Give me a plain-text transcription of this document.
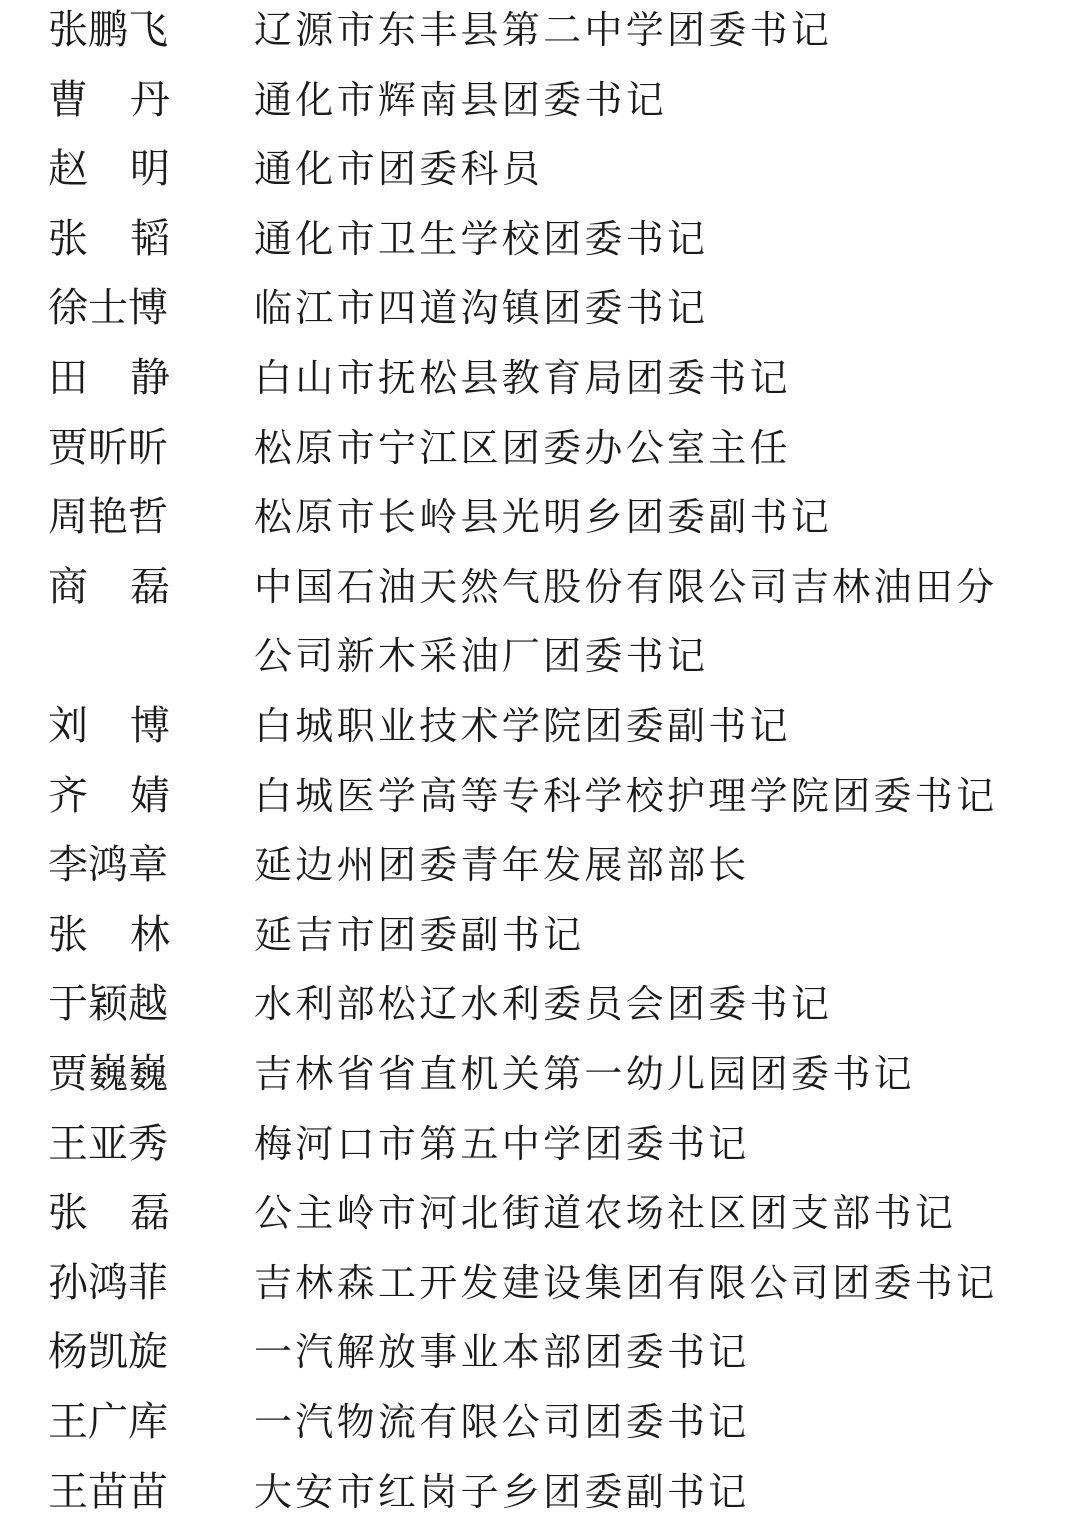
张鹏飞 辽源市东丰县第二中学团委书记
曹 丹 通化市辉南县团委书记
赵 明 通化市团委科员
张 韬 通化市卫生学校团委书记
徐士博 临江市四道沟镇团委书记
田 静 白山市抚松县教育局团委书记
贾昕昕 松原市宁江区团委办公室主任
周艳哲 松原市长岭县光明乡团委副书记
商 磊 中国石油天然气股份有限公司吉林油田分
公司新木采油厂团委书记
刘 博 白城职业技术学院团委副书记
齐 婧 白城医学高等专科学校护理学院团委书记
李鸿章 延边州团委青年发展部部长
张 林 延吉市团委副书记
于颖越 水利部松辽水利委员会团委书记
贾巍巍 吉林省省直机关第一幼儿园团委书记
王亚秀 梅河口市第五中学团委书记
张 磊 公主岭市河北街道农场社区团支部书记
孙鸿菲 吉林森工开发建设集团有限公司团委书记
杨凯旋 一汽解放事业本部团委书记
王广库 一汽物流有限公司团委书记
王苗苗 大安市红岗子乡团委副书记
